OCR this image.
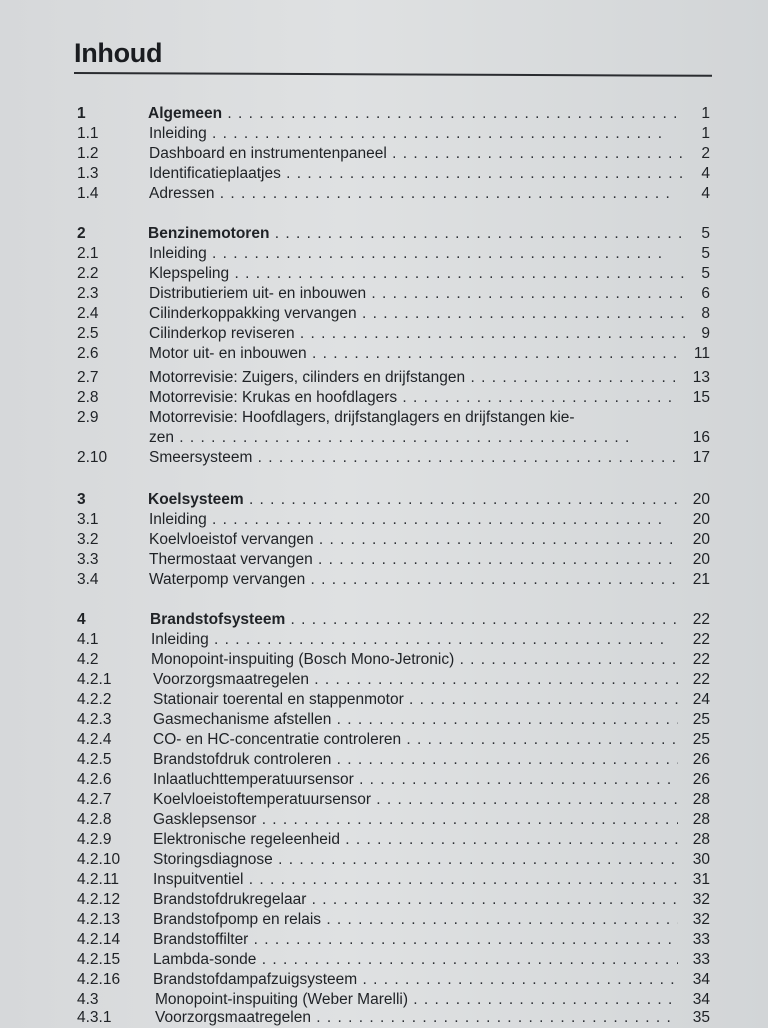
Inhoud
1	Algemeen . .	1
1.1	Inleiding . .	1
1.2	Dashboard en instrumentenpaneel . .	2
1.3	Identificatieplaatjes . .	4
1.4	Adressen . .	4
2	Benzinemotoren . .	5
2.1	Inleiding . .	5
2.2	Klepspeling . .	5
2.3	Distributieriem uit- en inbouwen . .	6
2.4	Cilinderkoppakking vervangen . .	8
2.5	Cilinderkop reviseren . .	9
2.6	Motor uit- en inbouwen . .	11
2.7	Motorrevisie: Zuigers, cilinders en drijfstangen . .	13
2.8	Motorrevisie: Krukas en hoofdlagers . .	15
2.9	Motorrevisie: Hoofdlagers, drijfstanglagers en drijfstangen kie-
zen . .	16
2.10	Smeersysteem . .	17
3	Koelsysteem . .	20
3.1	Inleiding . .	20
3.2	Koelvloeistof vervangen . .	20
3.3	Thermostaat vervangen . .	20
3.4	Waterpomp vervangen . .	21
4	Brandstofsysteem . .	22
4.1	Inleiding . .	22
4.2	Monopoint-inspuiting (Bosch Mono-Jetronic) . .	22
4.2.1	Voorzorgsmaatregelen . .	22
4.2.2	Stationair toerental en stappenmotor . .	24
4.2.3	Gasmechanisme afstellen . .	25
4.2.4	CO- en HC-concentratie controleren . .	25
4.2.5	Brandstofdruk controleren . .	26
4.2.6	Inlaatluchttemperatuursensor . .	26
4.2.7	Koelvloeistoftemperatuursensor . .	28
4.2.8	Gasklepsensor . .	28
4.2.9	Elektronische regeleenheid . .	28
4.2.10 Storingsdiagnose . .	30
4.2.11 Inspuitventiel . .	31
4.2.12 Brandstofdrukregelaar . .	32
4.2.13 Brandstofpomp en relais . .	32
4.2.14 Brandstoffilter . .	33
4.2.15 Lambda-sonde . .	33
4.2.16 Brandstofdampafzuigsysteem . .	34
4.3	Monopoint-inspuiting (Weber Marelli) . .	34
4.3.1	Voorzorgsmaatregelen . .	35
